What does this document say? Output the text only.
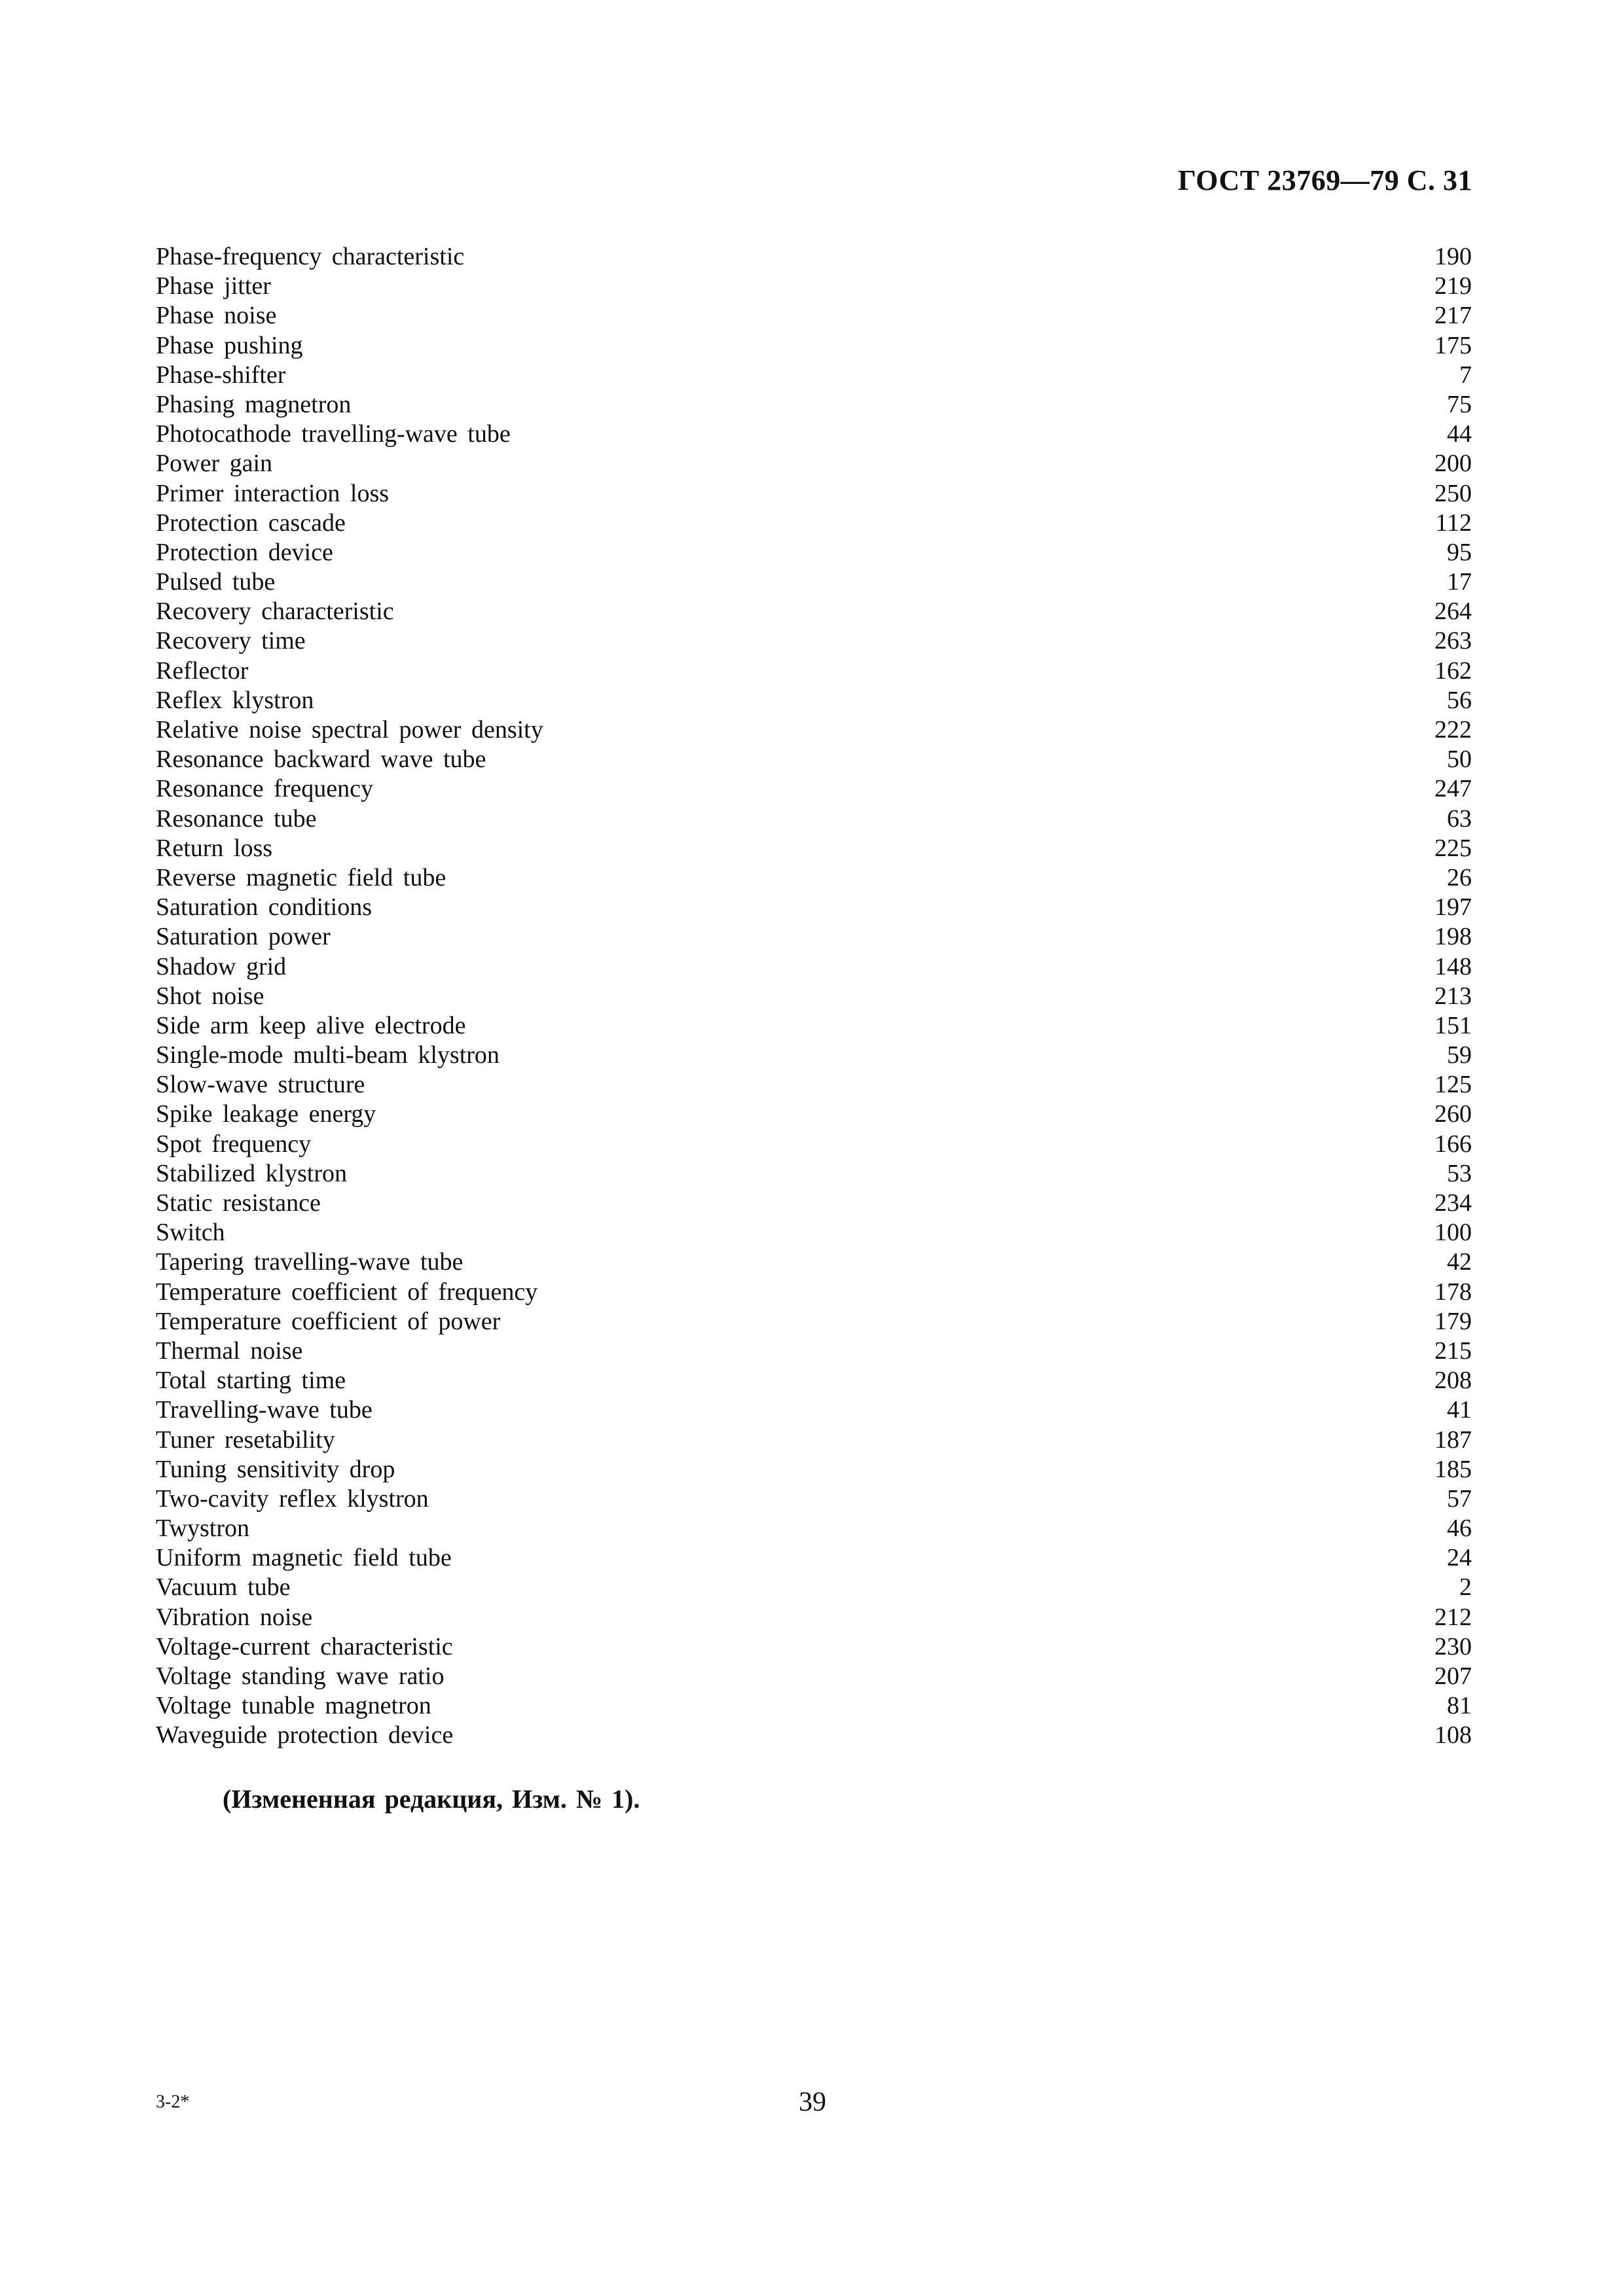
ГОСТ 23769—79 С. 31
Phase-frequency characteristic	190
Phase jitter	219
Phase noise	217
Phase pushing	175
Phase-shifter	7
Phasing magnetron	75
Photocathode travelling-wave tube	44
Power gain	200
Primer interaction loss	250
Protection cascade	112
Protection device	95
Pulsed tube	17
Recovery characteristic	264
Recovery time	263
Reflector	162
Reflex klystron	56
Relative noise spectral power density	222
Resonance backward wave tube	50
Resonance frequency	247
Resonance tube	63
Return loss	225
Reverse magnetic field tube	26
Saturation conditions	197
Saturation power	198
Shadow grid	148
Shot noise	213
Side arm keep alive electrode	151
Single-mode multi-beam klystron	59
Slow-wave structure	125
Spike leakage energy	260
Spot frequency	166
Stabilized klystron	53
Static resistance	234
Switch	100
Tapering travelling-wave tube	42
Temperature coefficient of frequency	178
Temperature coefficient of power	179
Thermal noise	215
Total starting time	208
Travelling-wave tube	41
Tuner resetability	187
Tuning sensitivity drop	185
Two-cavity reflex klystron	57
Twystron	46
Uniform magnetic field tube	24
Vacuum tube	2
Vibration noise	212
Voltage-current characteristic	230
Voltage standing wave ratio	207
Voltage tunable magnetron	81
Waveguide protection device	108
(Измененная редакция, Изм. № 1).
3-2*	39
